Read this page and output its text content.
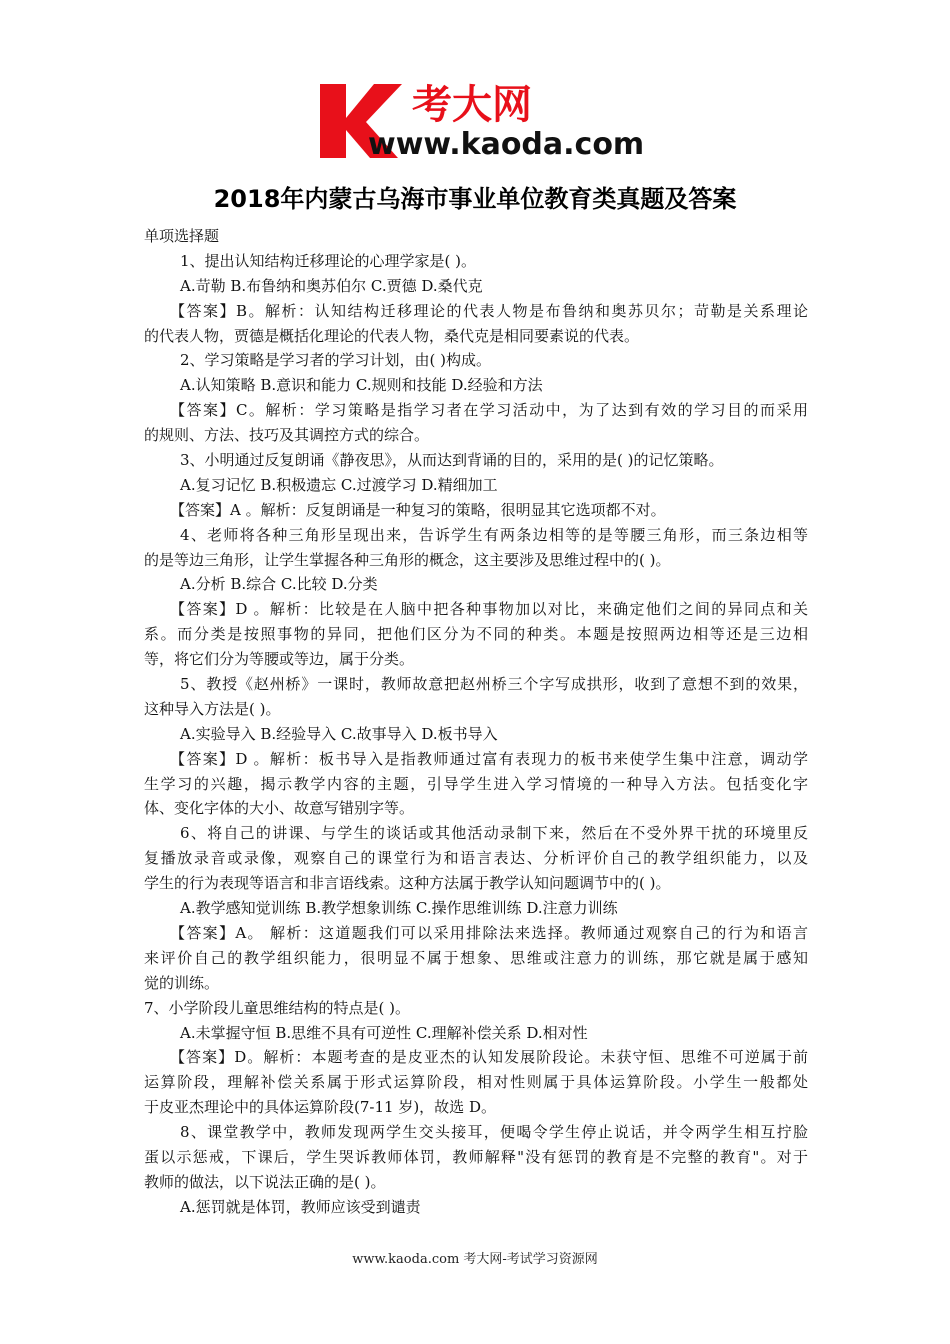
考大网
www.kaoda.com
2018年内蒙古乌海市事业单位教育类真题及答案
单项选择题
1、提出认知结构迁移理论的心理学家是( )。
A.苛勒 B.布鲁纳和奥苏伯尔 C.贾德 D.桑代克
【答案】B。解析：认知结构迁移理论的代表人物是布鲁纳和奥苏贝尔；苛勒是关系理论
的代表人物，贾德是概括化理论的代表人物，桑代克是相同要素说的代表。
2、学习策略是学习者的学习计划，由( )构成。
A.认知策略 B.意识和能力 C.规则和技能 D.经验和方法
【答案】C。解析：学习策略是指学习者在学习活动中，为了达到有效的学习目的而采用
的规则、方法、技巧及其调控方式的综合。
3、小明通过反复朗诵《静夜思》，从而达到背诵的目的，采用的是( )的记忆策略。
A.复习记忆 B.积极遗忘 C.过渡学习 D.精细加工
【答案】A 。解析：反复朗诵是一种复习的策略，很明显其它选项都不对。
4、老师将各种三角形呈现出来，告诉学生有两条边相等的是等腰三角形，而三条边相等
的是等边三角形，让学生掌握各种三角形的概念，这主要涉及思维过程中的( )。
A.分析 B.综合 C.比较 D.分类
【答案】D 。解析：比较是在人脑中把各种事物加以对比，来确定他们之间的异同点和关
系。而分类是按照事物的异同，把他们区分为不同的种类。本题是按照两边相等还是三边相
等，将它们分为等腰或等边，属于分类。
5、教授《赵州桥》一课时，教师故意把赵州桥三个字写成拱形，收到了意想不到的效果，
这种导入方法是( )。
A.实验导入 B.经验导入 C.故事导入 D.板书导入
【答案】D 。解析：板书导入是指教师通过富有表现力的板书来使学生集中注意，调动学
生学习的兴趣，揭示教学内容的主题，引导学生进入学习情境的一种导入方法。包括变化字
体、变化字体的大小、故意写错别字等。
6、将自己的讲课、与学生的谈话或其他活动录制下来，然后在不受外界干扰的环境里反
复播放录音或录像，观察自己的课堂行为和语言表达、分析评价自己的教学组织能力，以及
学生的行为表现等语言和非言语线索。这种方法属于教学认知问题调节中的( )。
A.教学感知觉训练 B.教学想象训练 C.操作思维训练 D.注意力训练
【答案】A。 解析：这道题我们可以采用排除法来选择。教师通过观察自己的行为和语言
来评价自己的教学组织能力，很明显不属于想象、思维或注意力的训练，那它就是属于感知
觉的训练。
7、小学阶段儿童思维结构的特点是( )。
A.未掌握守恒 B.思维不具有可逆性 C.理解补偿关系 D.相对性
【答案】D。解析：本题考查的是皮亚杰的认知发展阶段论。未获守恒、思维不可逆属于前
运算阶段，理解补偿关系属于形式运算阶段，相对性则属于具体运算阶段。小学生一般都处
于皮亚杰理论中的具体运算阶段(7-11 岁)，故选 D。
8、课堂教学中，教师发现两学生交头接耳，便喝令学生停止说话，并令两学生相互拧脸
蛋以示惩戒，下课后，学生哭诉教师体罚，教师解释"没有惩罚的教育是不完整的教育"。对于
教师的做法，以下说法正确的是( )。
A.惩罚就是体罚，教师应该受到谴责
www.kaoda.com 考大网-考试学习资源网
